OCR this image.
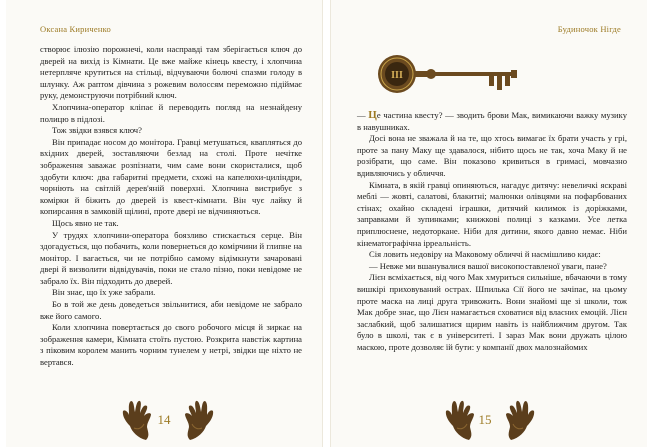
Оксана Кириченко

створює ілюзію порожнечі, коли насправді там зберігається ключ до дверей на вихід із Кімнати. Це вже майже кінець квесту, і хлопчина нетерпляче крутиться на стільці, відчуваючи болючі спазми голоду в шлунку. Аж раптом дівчина з рожевим волоссям переможно підіймає руку, демонструючи потрібний ключ.

Хлопчина-оператор кліпає й переводить погляд на незнайдену полицю в підлозі.

Тож звідки взявся ключ?

Він припадає носом до монітора. Гравці метушаться, квапляться до вхідних дверей, зоставляючи безлад на столі. Проте нечітке зображення заважає розпізнати, чим саме вони скористалися, щоб здобути ключ: два габаритні предмети, схожі на капелюхи-циліндри, чорніють на світлій дерев'яній поверхні. Хлопчина вистрибує з комірки й біжить до дверей із квест-кімнати. Він чує лайку й копирсання в замковій щілині, проте двері не відчиняються.

Щось явно не так.

У трудях хлопчини-оператора боязливо стискається серце. Він здогадується, що побачить, коли повернеться до комірчини й глипне на монітор. І вагається, чи не потрібно самому відімкнути зачаровані двері й визволити відвідувачів, поки не стало пізно, поки невідоме не забрало їх. Він підходить до дверей.

Він знає, що їх уже забрали.

Бо в той же день доведеться звільнитися, аби невідоме не забрало вже його самого.

Коли хлопчина повертається до свого робочого місця й зиркає на зображення камери, Кімната стоїть пустою. Розкрита навстіж картина з піковим королем манить чорним тунелем у нетрі, звідки ще ніхто не вертався.

14
Будиночок Нігде
III

— Це частина квесту? — зводить брови Мак, вимикаючи важку музику в навушниках.

Досі вона не зважала й на те, що хтось вимагає їх брати участь у грі, проте за пану Маку ще здавалося, нібито щось не так, хоча Маку й не розібрати, що саме. Він показово кривиться в гримасі, мовчазно вдивляючись у обличчя.

Кімната, в якій гравці опиняються, нагадує дитячу: невеличкі яскраві меблі — жовті, салатові, блакитні; малюнки олівцями на пофарбованих стінах; охайно складені іграшки, дитячий килимок із доріжками, заправками й зупинками; книжкові полиці з казками. Усе летка приплюснене, недоторкане. Ніби для дитини, якого давно немає. Ніби кінематографічна ірреальність.

Сія ловить недовіру на Маковому обличчі й насмішливо кидає:

— Невже ми вшанувалися вашої високопоставленої уваги, пане?

Лієн всміхається, від чого Мак хмуриться сильніше, вбачаючи в тому вишкірі приховуваний острах. Шпилька Сії його не зачіпає, на цьому проте маска на лиці друга тривожить. Вони знайомі ще зі школи, тож Мак добре знає, що Лієн намагається сховатися від власних емоцій. Лієн заслабкий, щоб залишатися щирим навіть із найближчим другом. Так було в школі, так є в університеті. І зараз Мак вони дружать цілою маскою, проте дозволяє їй бути: у компанії двох малознайомих

15
